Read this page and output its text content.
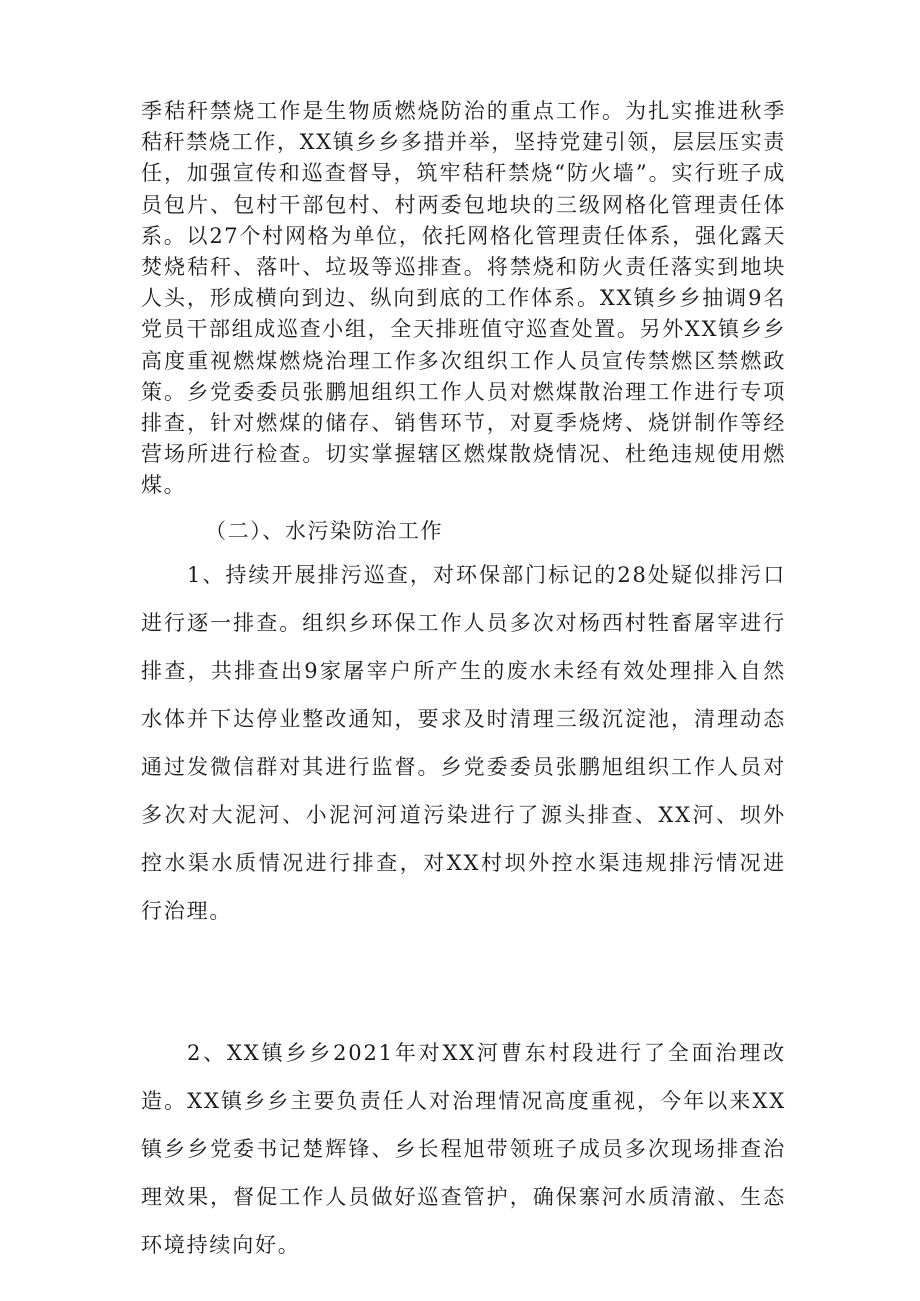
季秸秆禁烧工作是生物质燃烧防治的重点工作。为扎实推进秋季秸秆禁烧工作，XX镇乡乡多措并举，坚持党建引领，层层压实责任，加强宣传和巡查督导，筑牢秸秆禁烧“防火墙”。实行班子成员包片、包村干部包村、村两委包地块的三级网格化管理责任体系。以27个村网格为单位，依托网格化管理责任体系，强化露天焚烧秸秆、落叶、垃圾等巡排查。将禁烧和防火责任落实到地块人头，形成横向到边、纵向到底的工作体系。XX镇乡乡抽调9名党员干部组成巡查小组，全天排班值守巡查处置。另外XX镇乡乡高度重视燃煤燃烧治理工作多次组织工作人员宣传禁燃区禁燃政策。乡党委委员张鹏旭组织工作人员对燃煤散治理工作进行专项排查，针对燃煤的储存、销售环节，对夏季烧烤、烧饼制作等经营场所进行检查。切实掌握辖区燃煤散烧情况、杜绝违规使用燃煤。

（二）、水污染防治工作

1、持续开展排污巡查，对环保部门标记的28处疑似排污口进行逐一排查。组织乡环保工作人员多次对杨西村牲畜屠宰进行排查，共排查出9家屠宰户所产生的废水未经有效处理排入自然水体并下达停业整改通知，要求及时清理三级沉淀池，清理动态通过发微信群对其进行监督。乡党委委员张鹏旭组织工作人员对多次对大泥河、小泥河河道污染进行了源头排查、XX河、坝外控水渠水质情况进行排查，对XX村坝外控水渠违规排污情况进行治理。

2、XX镇乡乡2021年对XX河曹东村段进行了全面治理改造。XX镇乡乡主要负责任人对治理情况高度重视，今年以来XX镇乡乡党委书记楚辉锋、乡长程旭带领班子成员多次现场排查治理效果，督促工作人员做好巡查管护，确保寨河水质清澈、生态环境持续向好。
